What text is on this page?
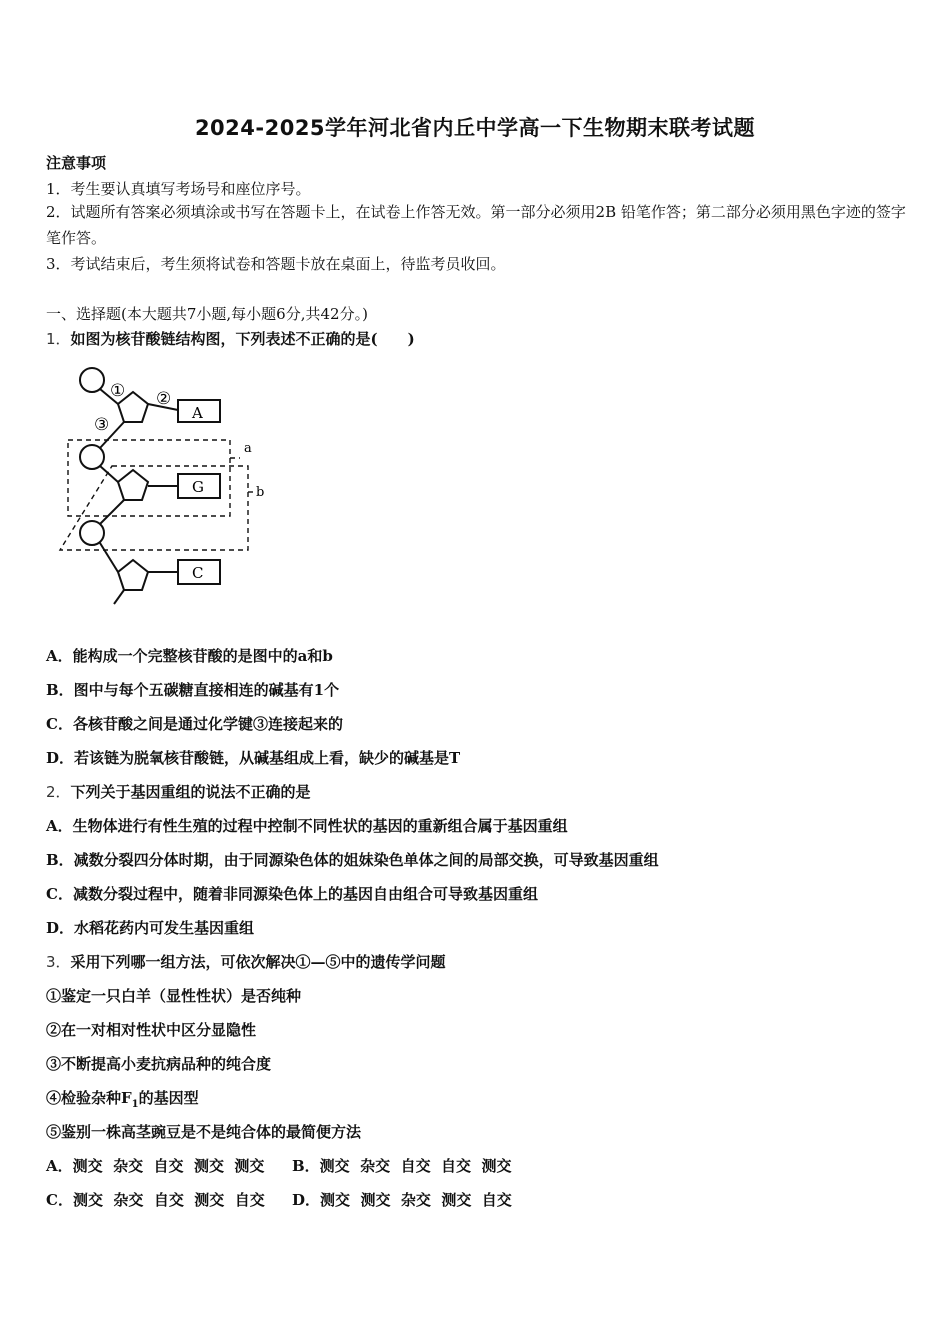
2024-2025学年河北省内丘中学高一下生物期末联考试题
注意事项
1．考生要认真填写考场号和座位序号。
2．试题所有答案必须填涂或书写在答题卡上，在试卷上作答无效。第一部分必须用2B 铅笔作答；第二部分必须用黑色字迹的签字笔作答。
3．考试结束后，考生须将试卷和答题卡放在桌面上，待监考员收回。
一、选择题(本大题共7小题,每小题6分,共42分。)
1．如图为核苷酸链结构图，下列表述不正确的是(　　)
① ②
③
A
G
C
a
b
A．能构成一个完整核苷酸的是图中的a和b
B．图中与每个五碳糖直接相连的碱基有1个
C．各核苷酸之间是通过化学键③连接起来的
D．若该链为脱氧核苷酸链，从碱基组成上看，缺少的碱基是T
2．下列关于基因重组的说法不正确的是
A．生物体进行有性生殖的过程中控制不同性状的基因的重新组合属于基因重组
B．减数分裂四分体时期，由于同源染色体的姐妹染色单体之间的局部交换，可导致基因重组
C．减数分裂过程中，随着非同源染色体上的基因自由组合可导致基因重组
D．水稻花药内可发生基因重组
3．采用下列哪一组方法，可依次解决①—⑤中的遗传学问题
①鉴定一只白羊（显性性状）是否纯种
②在一对相对性状中区分显隐性
③不断提高小麦抗病品种的纯合度
④检验杂种$F_1$的基因型
⑤鉴别一株高茎豌豆是不是纯合体的最简便方法
A．测交  杂交  自交  测交  测交 B．测交  杂交  自交  自交  测交
C．测交  杂交  自交  测交  自交 D．测交  测交  杂交  测交  自交
